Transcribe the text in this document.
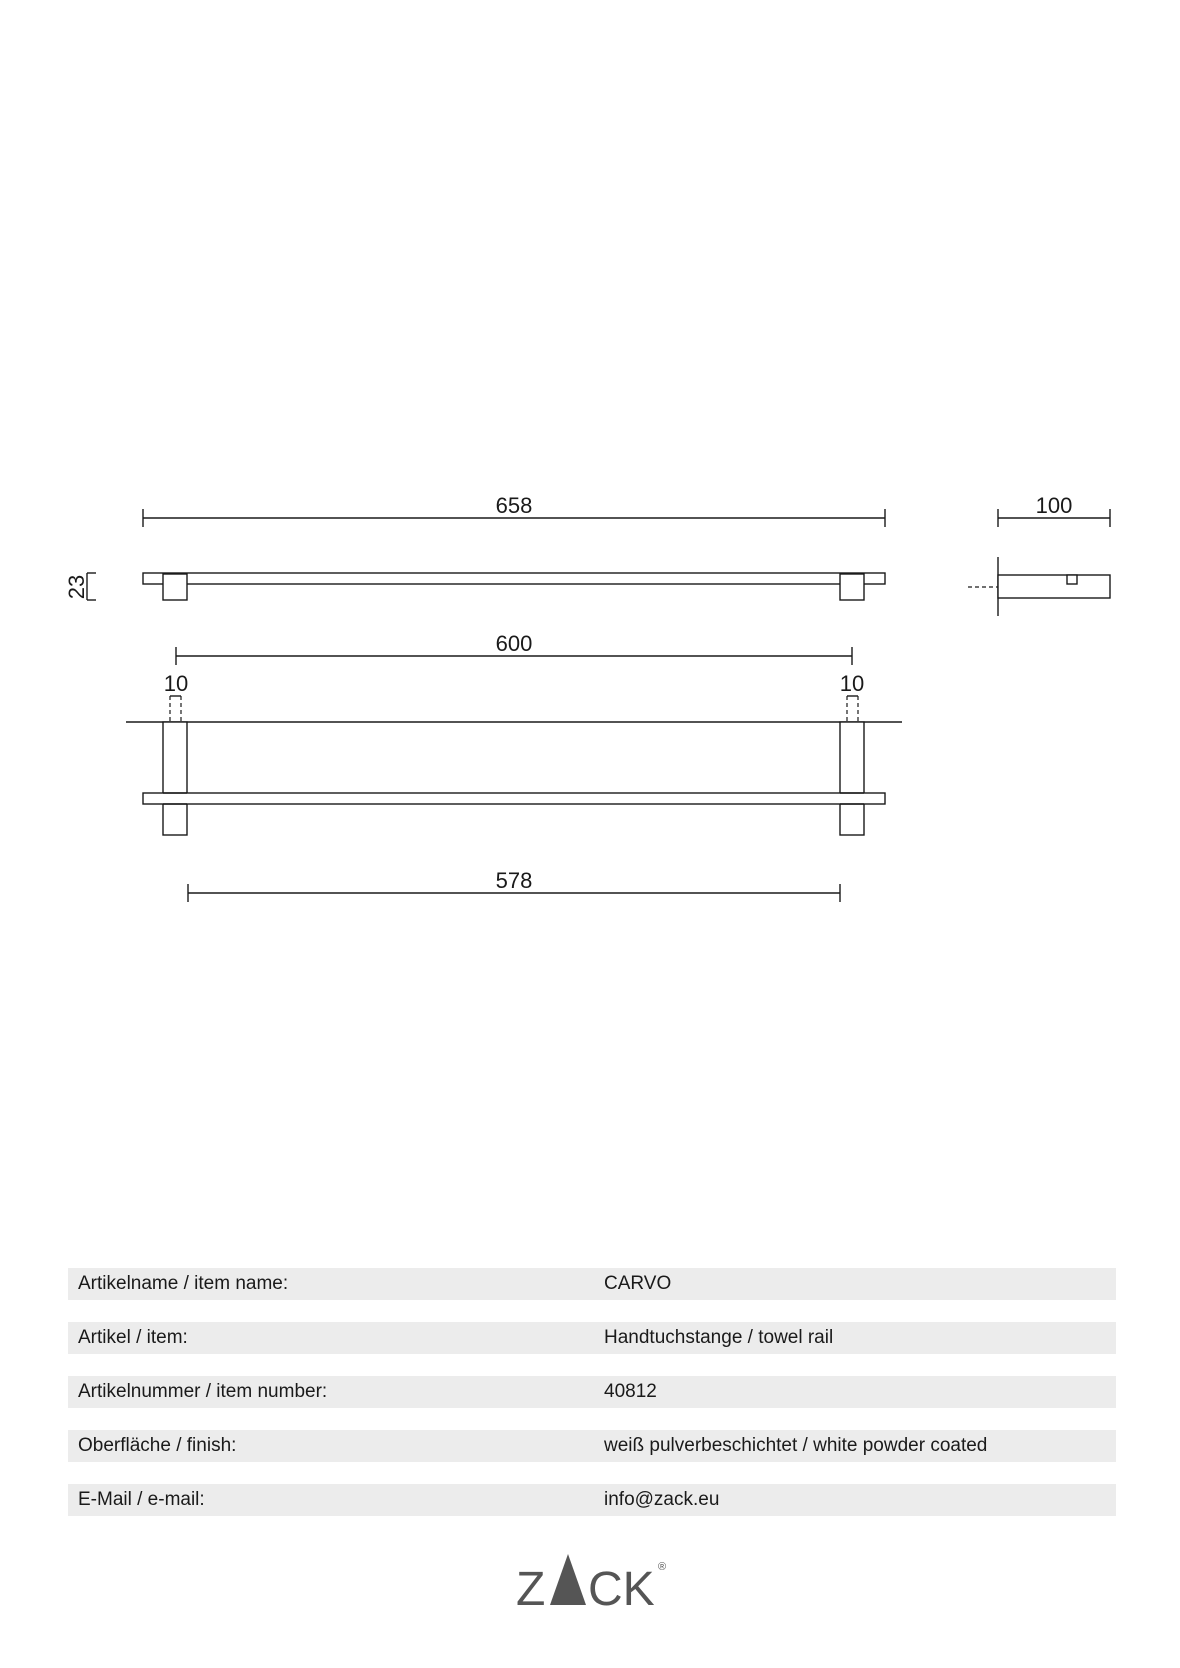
658
23
100
600
10	10
578
Artikelname / item name:	CARVO
Artikel / item:	Handtuchstange / towel rail
Artikelnummer / item number:	40812
Oberfläche / finish:	weiß pulverbeschichtet / white powder coated
E-Mail / e-mail:	info@zack.eu
Z CK ®
